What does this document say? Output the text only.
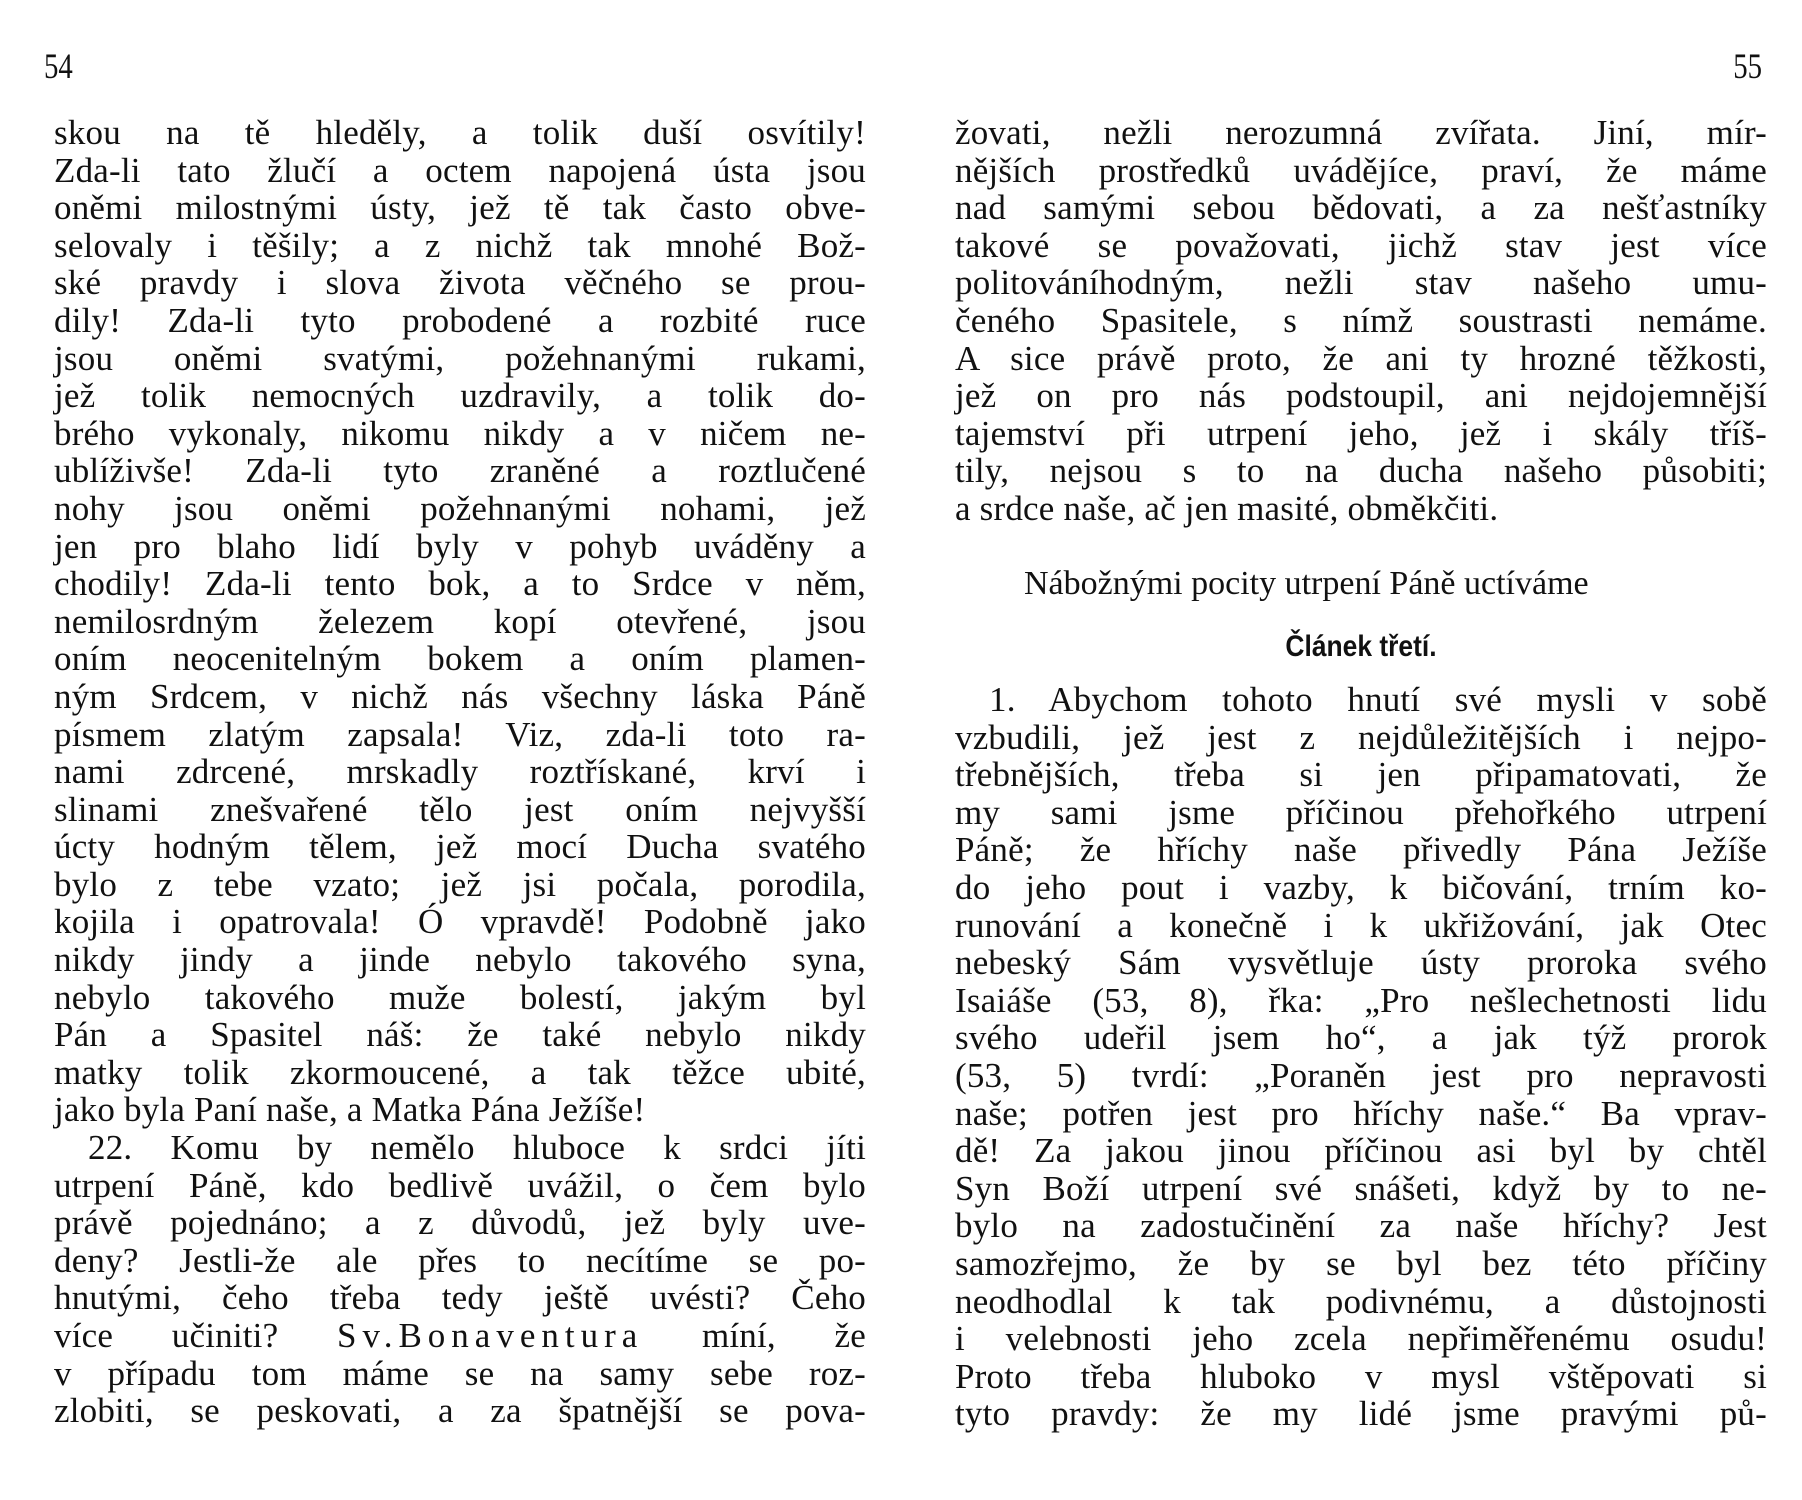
54	55
skou na tě hleděly, a tolik duší osvítily!
Zda-li tato žlučí a octem napojená ústa jsou
oněmi milostnými ústy, jež tě tak často obve-
selovaly i těšily; a z nichž tak mnohé Bož-
ské pravdy i slova života věčného se prou-
dily! Zda-li tyto probodené a rozbité ruce
jsou oněmi svatými, požehnanými rukami,
jež tolik nemocných uzdravily, a tolik do-
brého vykonaly, nikomu nikdy a v ničem ne-
ublíživše! Zda-li tyto zraněné a roztlučené
nohy jsou oněmi požehnanými nohami, jež
jen pro blaho lidí byly v pohyb uváděny a
chodily! Zda-li tento bok, a to Srdce v něm,
nemilosrdným železem kopí otevřené, jsou
oním neocenitelným bokem a oním plamen-
ným Srdcem, v nichž nás všechny láska Páně
písmem zlatým zapsala! Viz, zda-li toto ra-
nami zdrcené, mrskadly roztřískané, krví i
slinami znešvařené tělo jest oním nejvyšší
úcty hodným tělem, jež mocí Ducha svatého
bylo z tebe vzato; jež jsi počala, porodila,
kojila i opatrovala! Ó vpravdě! Podobně jako
nikdy jindy a jinde nebylo takového syna,
nebylo takového muže bolestí, jakým byl
Pán a Spasitel náš: že také nebylo nikdy
matky tolik zkormoucené, a tak těžce ubité,
jako byla Paní naše, a Matka Pána Ježíše!
22. Komu by nemělo hluboce k srdci jíti
utrpení Páně, kdo bedlivě uvážil, o čem bylo
právě pojednáno; a z důvodů, jež byly uve-
deny? Jestli-že ale přes to necítíme se po-
hnutými, čeho třeba tedy ještě uvésti? Čeho
více učiniti? Sv.Bonaventura míní, že
v případu tom máme se na samy sebe roz-
zlobiti, se peskovati, a za špatnější se pova-
žovati, nežli nerozumná zvířata. Jiní, mír-
nějších prostředků uvádějíce, praví, že máme
nad samými sebou bědovati, a za nešťastníky
takové se považovati, jichž stav jest více
politováníhodným, nežli stav našeho umu-
čeného Spasitele, s nímž soustrasti nemáme.
A sice právě proto, že ani ty hrozné těžkosti,
jež on pro nás podstoupil, ani nejdojemnější
tajemství při utrpení jeho, jež i skály tříš-
tily, nejsou s to na ducha našeho působiti;
a srdce naše, ač jen masité, obměkčiti.
Nábožnými pocity utrpení Páně uctíváme
Článek třetí.
1. Abychom tohoto hnutí své mysli v sobě
vzbudili, jež jest z nejdůležitějších i nejpo-
třebnějších, třeba si jen připamatovati, že
my sami jsme příčinou přehořkého utrpení
Páně; že hříchy naše přivedly Pána Ježíše
do jeho pout i vazby, k bičování, trním ko-
runování a konečně i k ukřižování, jak Otec
nebeský Sám vysvětluje ústy proroka svého
Isaiáše (53, 8), řka: „Pro nešlechetnosti lidu
svého udeřil jsem ho“, a jak týž prorok
(53, 5) tvrdí: „Poraněn jest pro nepravosti
naše; potřen jest pro hříchy naše.“ Ba vprav-
dě! Za jakou jinou příčinou asi byl by chtěl
Syn Boží utrpení své snášeti, když by to ne-
bylo na zadostučinění za naše hříchy? Jest
samozřejmo, že by se byl bez této příčiny
neodhodlal k tak podivnému, a důstojnosti
i velebnosti jeho zcela nepřiměřenému osudu!
Proto třeba hluboko v mysl vštěpovati si
tyto pravdy: že my lidé jsme pravými pů-
